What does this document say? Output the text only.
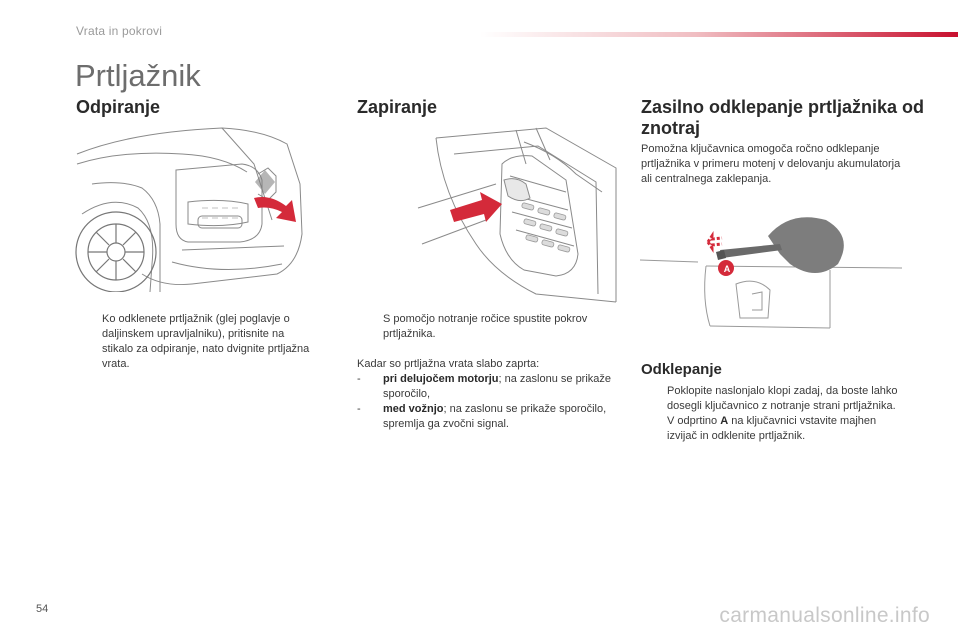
Vrata in pokrovi
Prtljažnik
Odpiranje
Ko odklenete prtljažnik (glej poglavje o daljinskem upravljalniku), pritisnite na stikalo za odpiranje, nato dvignite prtljažna vrata.
Zapiranje
S pomočjo notranje ročice spustite pokrov prtljažnika.
Kadar so prtljažna vrata slabo zaprta:
- pri delujočem motorju; na zaslonu se prikaže sporočilo,
- med vožnjo; na zaslonu se prikaže sporočilo, spremlja ga zvočni signal.
Zasilno odklepanje prtljažnika od znotraj
Pomožna ključavnica omogoča ročno odklepanje prtljažnika v primeru motenj v delovanju akumulatorja ali centralnega zaklepanja.
A
Odklepanje
Poklopite naslonjalo klopi zadaj, da boste lahko dosegli ključavnico z notranje strani prtljažnika.
V odprtino A na ključavnici vstavite majhen izvijač in odklenite prtljažnik.
54	carmanualsonline.info
